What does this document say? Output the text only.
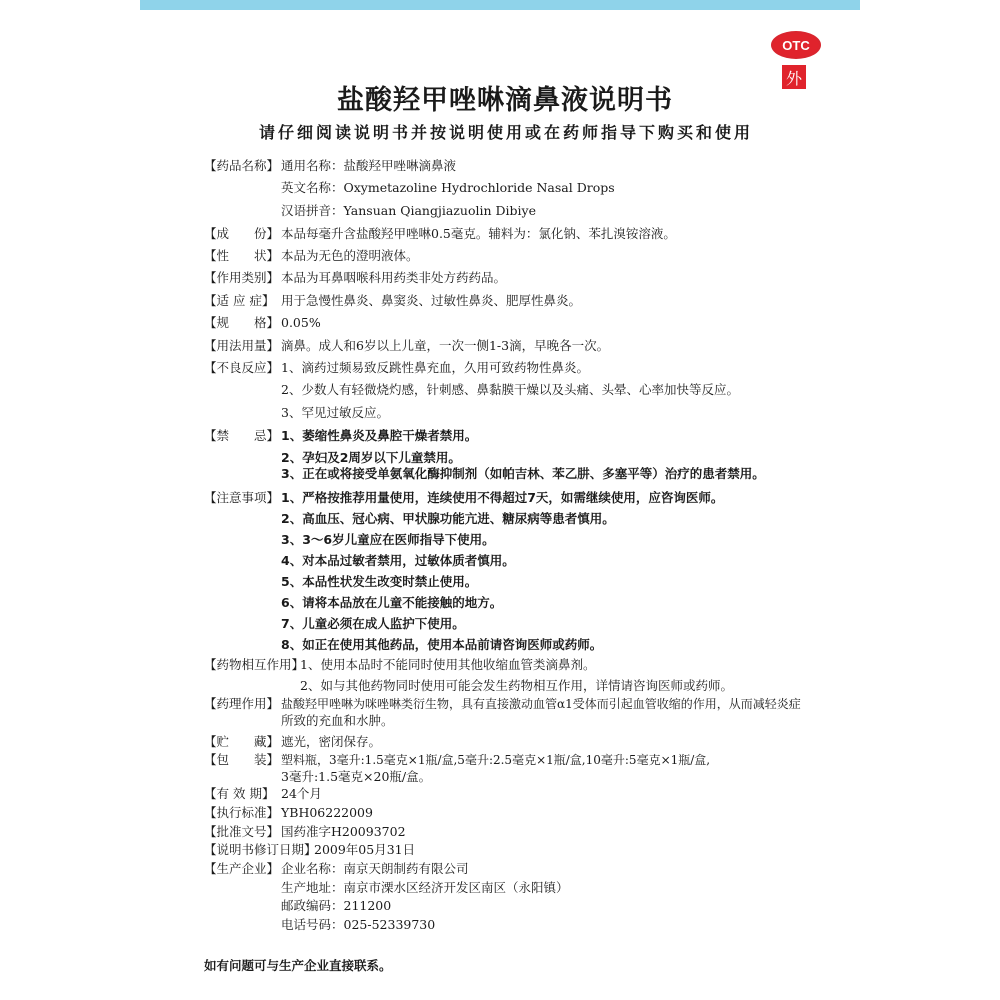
OTC
外
盐酸羟甲唑啉滴鼻液说明书
请仔细阅读说明书并按说明使用或在药师指导下购买和使用
【药品名称】 通用名称：盐酸羟甲唑啉滴鼻液
英文名称：Oxymetazoline Hydrochloride Nasal Drops
汉语拼音：Yansuan Qiangjiazuolin Dibiye
【成　　份】 本品每毫升含盐酸羟甲唑啉0.5毫克。辅料为：氯化钠、苯扎溴铵溶液。
【性　　状】 本品为无色的澄明液体。
【作用类别】 本品为耳鼻咽喉科用药类非处方药药品。
【适 应 症】 用于急慢性鼻炎、鼻窦炎、过敏性鼻炎、肥厚性鼻炎。
【规　　格】 0.05%
【用法用量】 滴鼻。成人和6岁以上儿童，一次一侧1-3滴，早晚各一次。
【不良反应】 1、滴药过频易致反跳性鼻充血，久用可致药物性鼻炎。
2、少数人有轻微烧灼感，针刺感、鼻黏膜干燥以及头痛、头晕、心率加快等反应。
3、罕见过敏反应。
【禁　　忌】 1、萎缩性鼻炎及鼻腔干燥者禁用。
2、孕妇及2周岁以下儿童禁用。
3、正在或将接受单氨氧化酶抑制剂（如帕吉林、苯乙肼、多塞平等）治疗的患者禁用。
【注意事项】 1、严格按推荐用量使用，连续使用不得超过7天，如需继续使用，应咨询医师。
2、高血压、冠心病、甲状腺功能亢进、糖尿病等患者慎用。
3、3～6岁儿童应在医师指导下使用。
4、对本品过敏者禁用，过敏体质者慎用。
5、本品性状发生改变时禁止使用。
6、请将本品放在儿童不能接触的地方。
7、儿童必须在成人监护下使用。
8、如正在使用其他药品，使用本品前请咨询医师或药师。
【药物相互作用】
1、使用本品时不能同时使用其他收缩血管类滴鼻剂。
2、如与其他药物同时使用可能会发生药物相互作用，详情请咨询医师或药师。
【药理作用】 盐酸羟甲唑啉为咪唑啉类衍生物，具有直接激动血管α1受体而引起血管收缩的作用，从而减轻炎症
所致的充血和水肿。
【贮　　藏】 遮光，密闭保存。
【包　　装】 塑料瓶，3毫升:1.5毫克×1瓶/盒,5毫升:2.5毫克×1瓶/盒,10毫升:5毫克×1瓶/盒,
3毫升:1.5毫克×20瓶/盒。
【有 效 期】 24个月
【执行标准】 YBH06222009
【批准文号】 国药准字H20093702
【说明书修订日期】
2009年05月31日
【生产企业】 企业名称：南京天朗制药有限公司
生产地址：南京市溧水区经济开发区南区（永阳镇）
邮政编码：211200
电话号码：025-52339730
如有问题可与生产企业直接联系。
